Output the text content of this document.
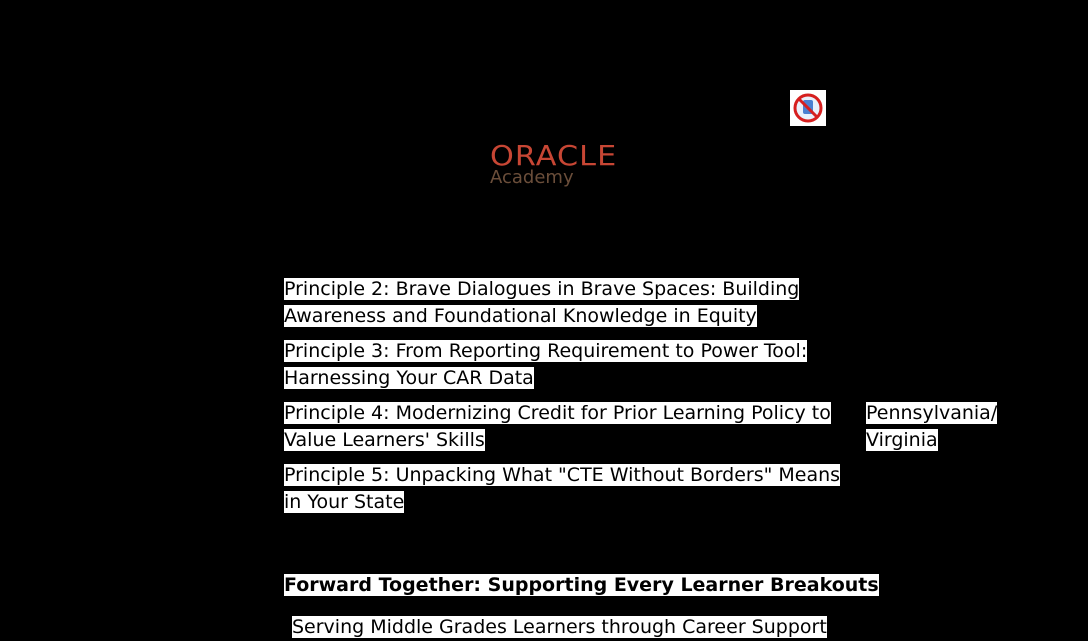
ORACLE
Academy
Principle 2: Brave Dialogues in Brave Spaces: Building Awareness and Foundational Knowledge in Equity
Principle 3: From Reporting Requirement to Power Tool: Harnessing Your CAR Data
Principle 4: Modernizing Credit for Prior Learning Policy to Value Learners' Skills
Pennsylvania/ Virginia
Principle 5: Unpacking What "CTE Without Borders" Means in Your State
Forward Together: Supporting Every Learner Breakouts
Serving Middle Grades Learners through Career Support
